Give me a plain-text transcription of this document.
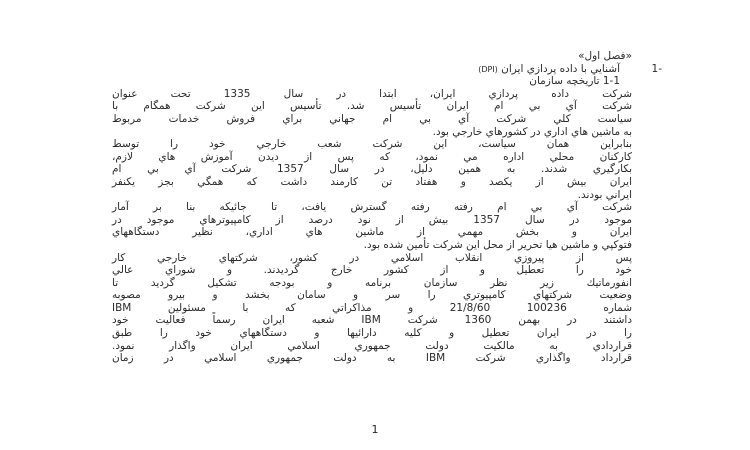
«فصل اول»
1-
آشنايي با داده پردازي ايران (DPI)
1-1 تاريخچه سازمان
شركت داده پردازي ايران، ابتدا در سال 1335 تحت عنوان
شركت آي بي ام ايران تأسيس شد. تأسيس اين شركت همگام با
سياست كلي شركت آي بي ام جهاني براي فروش خدمات مربوط
به ماشين هاي اداري در كشورهاي خارجي بود.
بنابراين همان سياست، اين شركت شعب خارجي خود را توسط
كاركنان محلي اداره مي نمود، كه پس از ديدن آموزش هاي لازم،
بكارگيري شدند. به همين دليل، در سال 1357 شركت آي بي ام
ايران بيش از يكصد و هفتاد تن كارمند داشت كه همگي بجز يكنفر
ايراني بودند.
شركت آي بي ام رفته رفته گسترش يافت، تا جائيكه بنا بر آمار
موجود در سال 1357 بيش از نود درصد از كامپيوترهاي موجود در
ايران و بخش مهمي از ماشين هاي اداري، نظير دستگاههاي
فتوكپي و ماشين هيا تحرير از محل اين شركت تأمين شده بود.
پس از پيروزي انقلاب اسلامي در كشور، شركتهاي خارجي كار
خود را تعطيل و از كشور خارج گرديدند. و شوراي عالي
انفورماتيك زير نظر سازمان برنامه و بودجه تشكيل گرديد تا
وضعيت شركتهاي كامپيوتري را سر و سامان بخشد و بيرو مصوبه
شماره 100236 21/8/60 و مذاكراتي كه با مسئولين IBM
داشتند در بهمن 1360 شركت IBM شعبه ايران رسماً فعاليت خود
را در ايران تعطيل و كليه دارائيها و دستگاههاي خود را طبق
قراردادي به مالكيت دولت جمهوري اسلامي ايران واگذار نمود.
قرارداد واگذاري شركت IBM به دولت جمهوري اسلامي در زمان
1
